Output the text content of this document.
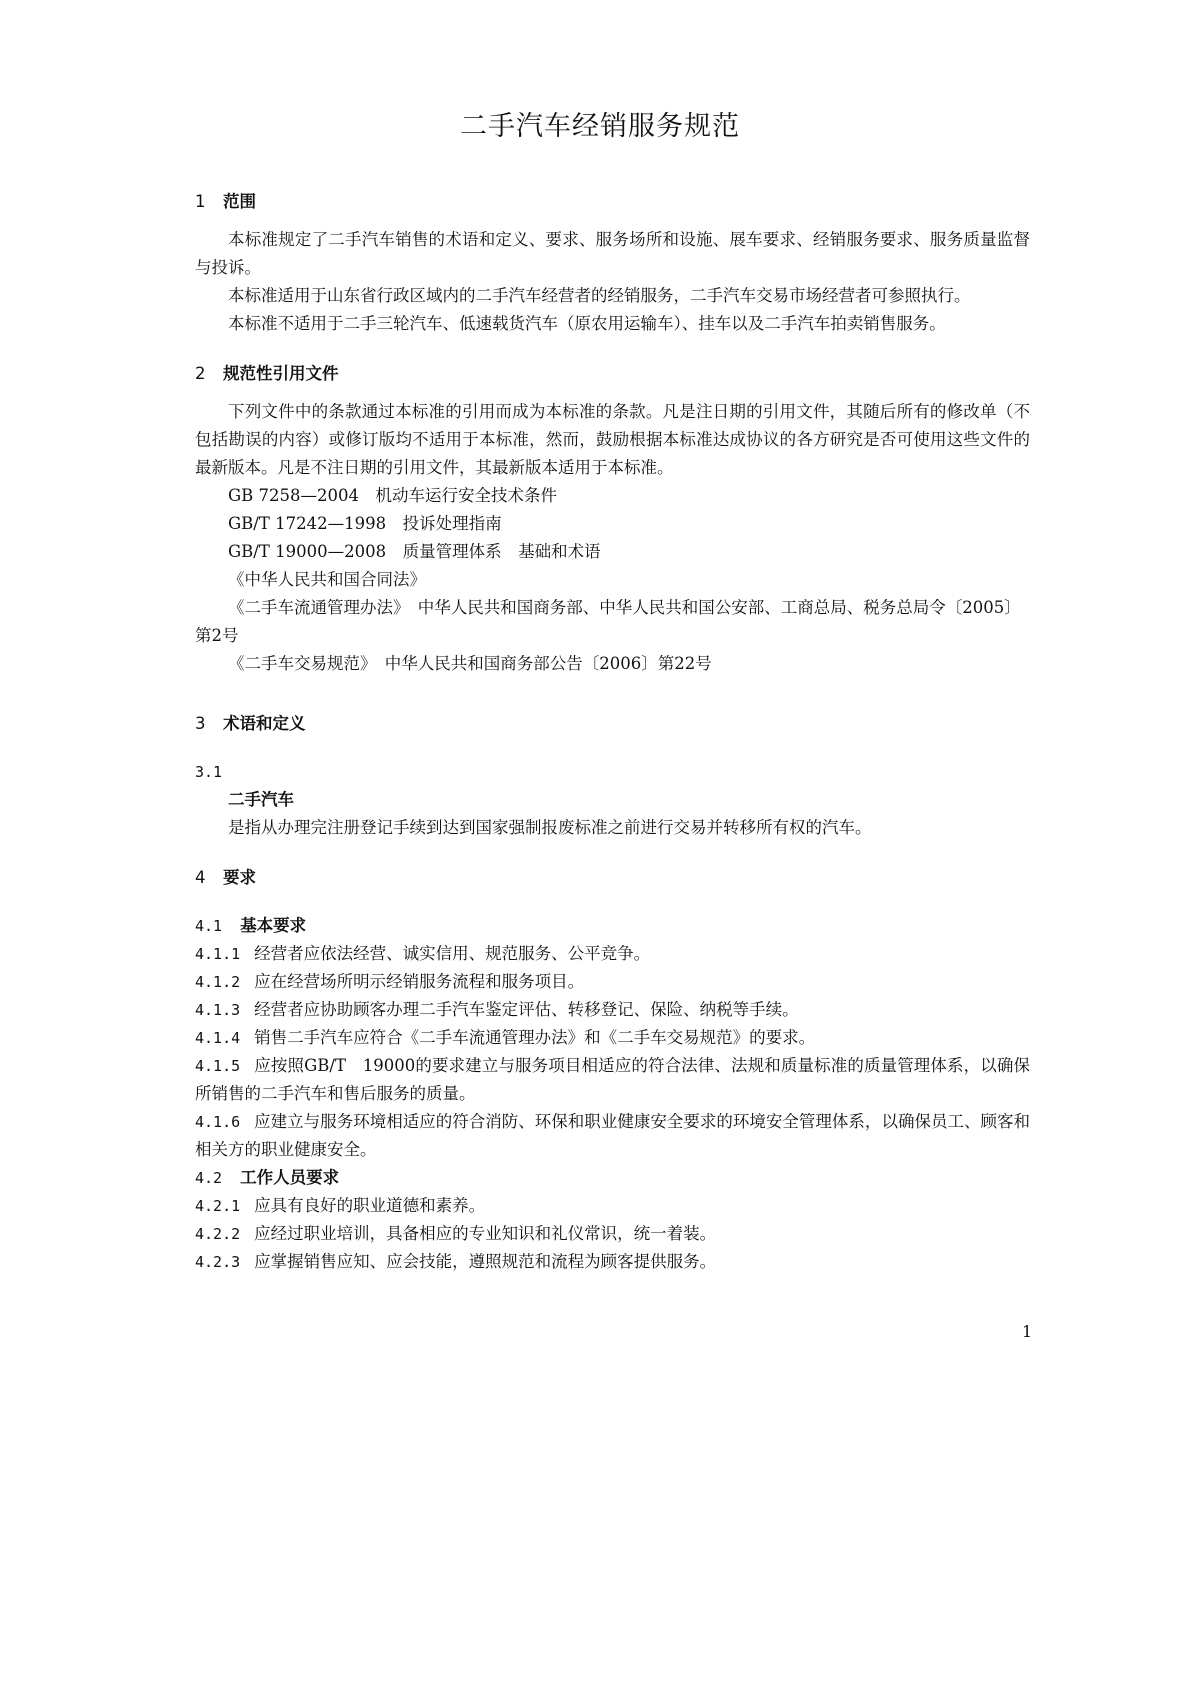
二手汽车经销服务规范
1 范围

本标准规定了二手汽车销售的术语和定义、要求、服务场所和设施、展车要求、经销服务要求、服务质量监督与投诉。

本标准适用于山东省行政区域内的二手汽车经营者的经销服务，二手汽车交易市场经营者可参照执行。

本标准不适用于二手三轮汽车、低速载货汽车（原农用运输车）、挂车以及二手汽车拍卖销售服务。

2 规范性引用文件

下列文件中的条款通过本标准的引用而成为本标准的条款。凡是注日期的引用文件，其随后所有的修改单（不包括勘误的内容）或修订版均不适用于本标准，然而，鼓励根据本标准达成协议的各方研究是否可使用这些文件的最新版本。凡是不注日期的引用文件，其最新版本适用于本标准。

GB 7258—2004　机动车运行安全技术条件

GB/T 17242—1998　投诉处理指南

GB/T 19000—2008　质量管理体系　基础和术语

《中华人民共和国合同法》

《二手车流通管理办法》　中华人民共和国商务部、中华人民共和国公安部、工商总局、税务总局令〔2005〕第2号

《二手车交易规范》　中华人民共和国商务部公告〔2006〕第22号

3 术语和定义

3.1

二手汽车

是指从办理完注册登记手续到达到国家强制报废标准之前进行交易并转移所有权的汽车。

4 要求

4.1 基本要求

4.1.1 经营者应依法经营、诚实信用、规范服务、公平竞争。

4.1.2 应在经营场所明示经销服务流程和服务项目。

4.1.3 经营者应协助顾客办理二手汽车鉴定评估、转移登记、保险、纳税等手续。

4.1.4 销售二手汽车应符合《二手车流通管理办法》和《二手车交易规范》的要求。

4.1.5 应按照GB/T　19000的要求建立与服务项目相适应的符合法律、法规和质量标准的质量管理体系，以确保所销售的二手汽车和售后服务的质量。

4.1.6 应建立与服务环境相适应的符合消防、环保和职业健康安全要求的环境安全管理体系，以确保员工、顾客和相关方的职业健康安全。

4.2 工作人员要求

4.2.1 应具有良好的职业道德和素养。

4.2.2 应经过职业培训，具备相应的专业知识和礼仪常识，统一着装。

4.2.3 应掌握销售应知、应会技能，遵照规范和流程为顾客提供服务。

1
